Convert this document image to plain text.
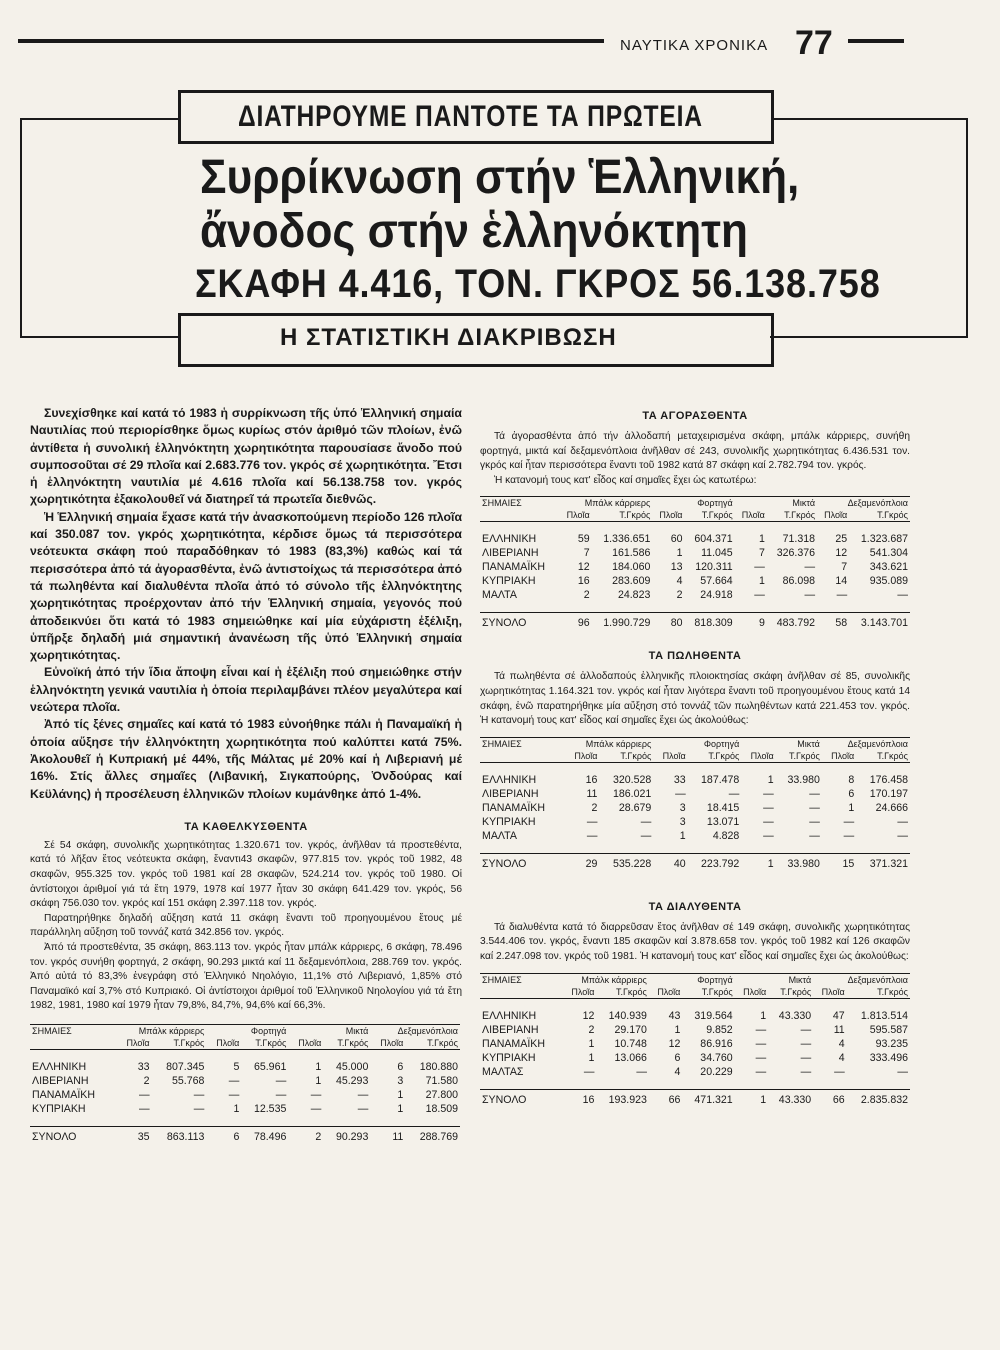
ΝΑΥΤΙΚΑ ΧΡΟΝΙΚΑ 77
ΔΙΑΤΗΡΟΥΜΕ ΠΑΝΤΟΤΕ ΤΑ ΠΡΩΤΕΙΑ
Συρρίκνωση στήν Ἑλληνική,
ἄνοδος στήν ἑλληνόκτητη
ΣΚΑΦΗ 4.416, ΤΟΝ. ΓΚΡΟΣ 56.138.758
Η ΣΤΑΤΙΣΤΙΚΗ ΔΙΑΚΡΙΒΩΣΗ

Συνεχίσθηκε καί κατά τό 1983 ἡ συρρίκνωση τῆς ὑπό Ἑλληνική σημαία Ναυτιλίας πού περιορίσθηκε ὅμως κυρίως στόν ἀριθμό τῶν πλοίων, ἐνῶ ἀντίθετα ἡ συνολική ἑλληνόκτητη χωρητικότητα παρουσίασε ἄνοδο πού συμποσοῦται σέ 29 πλοῖα καί 2.683.776 τον. γκρός σέ χωρητικότητα. Ἔτσι ἡ ἑλληνόκτητη ναυτιλία μέ 4.616 πλοῖα καί 56.138.758 τον. γκρός χωρητικότητα ἐξακολουθεῖ νά διατηρεῖ τά πρωτεῖα διεθνῶς.

Ἡ Ἑλληνική σημαία ἔχασε κατά τήν ἀνασκοπούμενη περίοδο 126 πλοῖα καί 350.087 τον. γκρός χωρητικότητα, κέρδισε ὅμως τά περισσότερα νεότευκτα σκάφη πού παραδόθηκαν τό 1983 (83,3%) καθώς καί τά περισσότερα ἀπό τά ἀγορασθέντα, ἐνῶ ἀντιστοίχως τά περισσότερα ἀπό τά πωληθέντα καί διαλυθέντα πλοῖα ἀπό τό σύνολο τῆς ἑλληνόκτητης χωρητικότητας προέρχονταν ἀπό τήν Ἑλληνική σημαία, γεγονός πού ἀποδεικνύει ὅτι κατά τό 1983 σημειώθηκε καί μία εὐχάριστη ἐξέλιξη, ὑπῆρξε δηλαδή μιά σημαντική ἀνανέωση τῆς ὑπό Ἑλληνική σημαία χωρητικότητας.

Εὐνοϊκή ἀπό τήν ἴδια ἄποψη εἶναι καί ἡ ἐξέλιξη πού σημειώθηκε στήν ἑλληνόκτητη γενικά ναυτιλία ἡ ὁποία περιλαμβάνει πλέον μεγαλύτερα καί νεώτερα πλοῖα.

Ἀπό τίς ξένες σημαῖες καί κατά τό 1983 εὐνοήθηκε πάλι ἡ Παναμαϊκή ἡ ὁποία αὔξησε τήν ἑλληνόκτητη χωρητικότητα πού καλύπτει κατά 75%. Ἀκολουθεῖ ἡ Κυπριακή μέ 44%, τῆς Μάλτας μέ 20% καί ἡ Λιβεριανή μέ 16%. Στίς ἄλλες σημαῖες (Λιβανική, Σιγκαπούρης, Ὁνδούρας καί Κεϋλάνης) ἡ προσέλευση ἑλληνικῶν πλοίων κυμάνθηκε ἀπό 1-4%.

ΤΑ ΚΑΘΕΛΚΥΣΘΕΝΤΑ

Σέ 54 σκάφη, συνολικῆς χωρητικότητας 1.320.671 τον. γκρός, ἀνῆλθαν τά προστεθέντα, κατά τό λῆξαν ἔτος νεότευκτα σκάφη, ἔναντι43 σκαφῶν, 977.815 τον. γκρός τοῦ 1982, 48 σκαφῶν, 955.325 τον. γκρός τοῦ 1981 καί 28 σκαφῶν, 524.214 τον. γκρός τοῦ 1980. Οἱ ἀντίστοιχοι ἀριθμοί γιά τά ἔτη 1979, 1978 καί 1977 ἦταν 30 σκάφη 641.429 τον. γκρός, 56 σκάφη 756.030 τον. γκρός καί 151 σκάφη 2.397.118 τον. γκρός.

Παρατηρήθηκε δηλαδή αὔξηση κατά 11 σκάφη ἔναντι τοῦ προηγουμένου ἔτους μέ παράλληλη αὔξηση τοῦ τοννάζ κατά 342.856 τον. γκρός.

Ἀπό τά προστεθέντα, 35 σκάφη, 863.113 τον. γκρός ἦταν μπάλκ κάρριερς, 6 σκάφη, 78.496 τον. γκρός συνήθη φορτηγά, 2 σκάφη, 90.293 μικτά καί 11 δεξαμενόπλοια, 288.769 τον. γκρός. Ἀπό αὐτά τό 83,3% ἐνεγράφη στό Ἑλληνικό Νηολόγιο, 11,1% στό Λιβεριανό, 1,85% στό Παναμαϊκό καί 3,7% στό Κυπριακό. Οἱ ἀντίστοιχοι ἀριθμοί τοῦ Ἑλληνικοῦ Νηολογίου γιά τά ἔτη 1982, 1981, 1980 καί 1979 ἦταν 79,8%, 84,7%, 94,6% καί 66,3%.

ΣΗΜΑΙΕΣ	Μπάλκ κάρριερς		Φορτηγά		Μικτά		Δεξαμενόπλοια	
	Πλοῖα	Τ.Γκρός	Πλοῖα	Τ.Γκρός	Πλοῖα	Τ.Γκρός	Πλοῖα	Τ.Γκρός

ΕΛΛΗΝΙΚΗ	33	807.345	5	65.961	1	45.000	6	180.880
ΛΙΒΕΡΙΑΝΗ	2	55.768	—	—	1	45.293	3	71.580
ΠΑΝΑΜΑΪΚΗ	—	—	—	—	—	—	1	27.800
ΚΥΠΡΙΑΚΗ	—	—	1	12.535	—	—	1	18.509

ΣΥΝΟΛΟ	35	863.113	6	78.496	2	90.293	11	288.769
ΤΑ ΑΓΟΡΑΣΘΕΝΤΑ

Τά ἀγορασθέντα ἀπό τήν ἀλλοδαπή μεταχειρισμένα σκάφη, μπάλκ κάρριερς, συνήθη φορτηγά, μικτά καί δεξαμενόπλοια ἀνῆλθαν σέ 243, συνολικῆς χωρητικότητας 6.436.531 τον. γκρός καί ἦταν περισσότερα ἔναντι τοῦ 1982 κατά 87 σκάφη καί 2.782.794 τον. γκρός.

Ἡ κατανομή τους κατ' εἶδος καί σημαῖες ἔχει ὡς κατωτέρω:

ΣΗΜΑΙΕΣ	Μπάλκ κάρριερς		Φορτηγά		Μικτά		Δεξαμενόπλοια	
	Πλοῖα	Τ.Γκρός	Πλοῖα	Τ.Γκρός	Πλοῖα	Τ.Γκρός	Πλοῖα	Τ.Γκρός

ΕΛΛΗΝΙΚΗ	59	1.336.651	60	604.371	1	71.318	25	1.323.687
ΛΙΒΕΡΙΑΝΗ	7	161.586	1	11.045	7	326.376	12	541.304
ΠΑΝΑΜΑΪΚΗ	12	184.060	13	120.311	—	—	7	343.621
ΚΥΠΡΙΑΚΗ	16	283.609	4	57.664	1	86.098	14	935.089
ΜΑΛΤΑ	2	24.823	2	24.918	—	—	—	—

ΣΥΝΟΛΟ	96	1.990.729	80	818.309	9	483.792	58	3.143.701
ΤΑ ΠΩΛΗΘΕΝΤΑ

Τά πωληθέντα σέ ἀλλοδαπούς ἑλληνικῆς πλοιοκτησίας σκάφη ἀνῆλθαν σέ 85, συνολικῆς χωρητικότητας 1.164.321 τον. γκρός καί ἦταν λιγότερα ἔναντι τοῦ προηγουμένου ἔτους κατά 14 σκάφη, ἐνῶ παρατηρήθηκε μία αὔξηση στό τοννάζ τῶν πωληθέντων κατά 221.453 τον. γκρός. Ἡ κατανομή τους κατ' εἶδος καί σημαῖες ἔχει ὡς ἀκολούθως:

ΣΗΜΑΙΕΣ	Μπάλκ κάρριερς		Φορτηγά		Μικτά		Δεξαμενόπλοια	
	Πλοῖα	Τ.Γκρός	Πλοῖα	Τ.Γκρός	Πλοῖα	Τ.Γκρός	Πλοῖα	Τ.Γκρός

ΕΛΛΗΝΙΚΗ	16	320.528	33	187.478	1	33.980	8	176.458
ΛΙΒΕΡΙΑΝΗ	11	186.021	—	—	—	—	6	170.197
ΠΑΝΑΜΑΪΚΗ	2	28.679	3	18.415	—	—	1	24.666
ΚΥΠΡΙΑΚΗ	—	—	3	13.071	—	—	—	—
ΜΑΛΤΑ	—	—	1	4.828	—	—	—	—

ΣΥΝΟΛΟ	29	535.228	40	223.792	1	33.980	15	371.321
ΤΑ ΔΙΑΛΥΘΕΝΤΑ

Τά διαλυθέντα κατά τό διαρρεῦσαν ἔτος ἀνῆλθαν σέ 149 σκάφη, συνολικῆς χωρητικότητας 3.544.406 τον. γκρός, ἔναντι 185 σκαφῶν καί 3.878.658 τον. γκρός τοῦ 1982 καί 126 σκαφῶν καί 2.247.098 τον. γκρός τοῦ 1981. Ἡ κατανομή τους κατ' εἶδος καί σημαῖες ἔχει ὡς ἀκολούθως:

ΣΗΜΑΙΕΣ	Μπάλκ κάρριερς		Φορτηγά		Μικτά		Δεξαμενόπλοια	
	Πλοῖα	Τ.Γκρός	Πλοῖα	Τ.Γκρός	Πλοῖα	Τ.Γκρός	Πλοῖα	Τ.Γκρός

ΕΛΛΗΝΙΚΗ	12	140.939	43	319.564	1	43.330	47	1.813.514
ΛΙΒΕΡΙΑΝΗ	2	29.170	1	9.852	—	—	11	595.587
ΠΑΝΑΜΑΪΚΗ	1	10.748	12	86.916	—	—	4	93.235
ΚΥΠΡΙΑΚΗ	1	13.066	6	34.760	—	—	4	333.496
ΜΑΛΤΑΣ	—	—	4	20.229	—	—	—	—

ΣΥΝΟΛΟ	16	193.923	66	471.321	1	43.330	66	2.835.832
